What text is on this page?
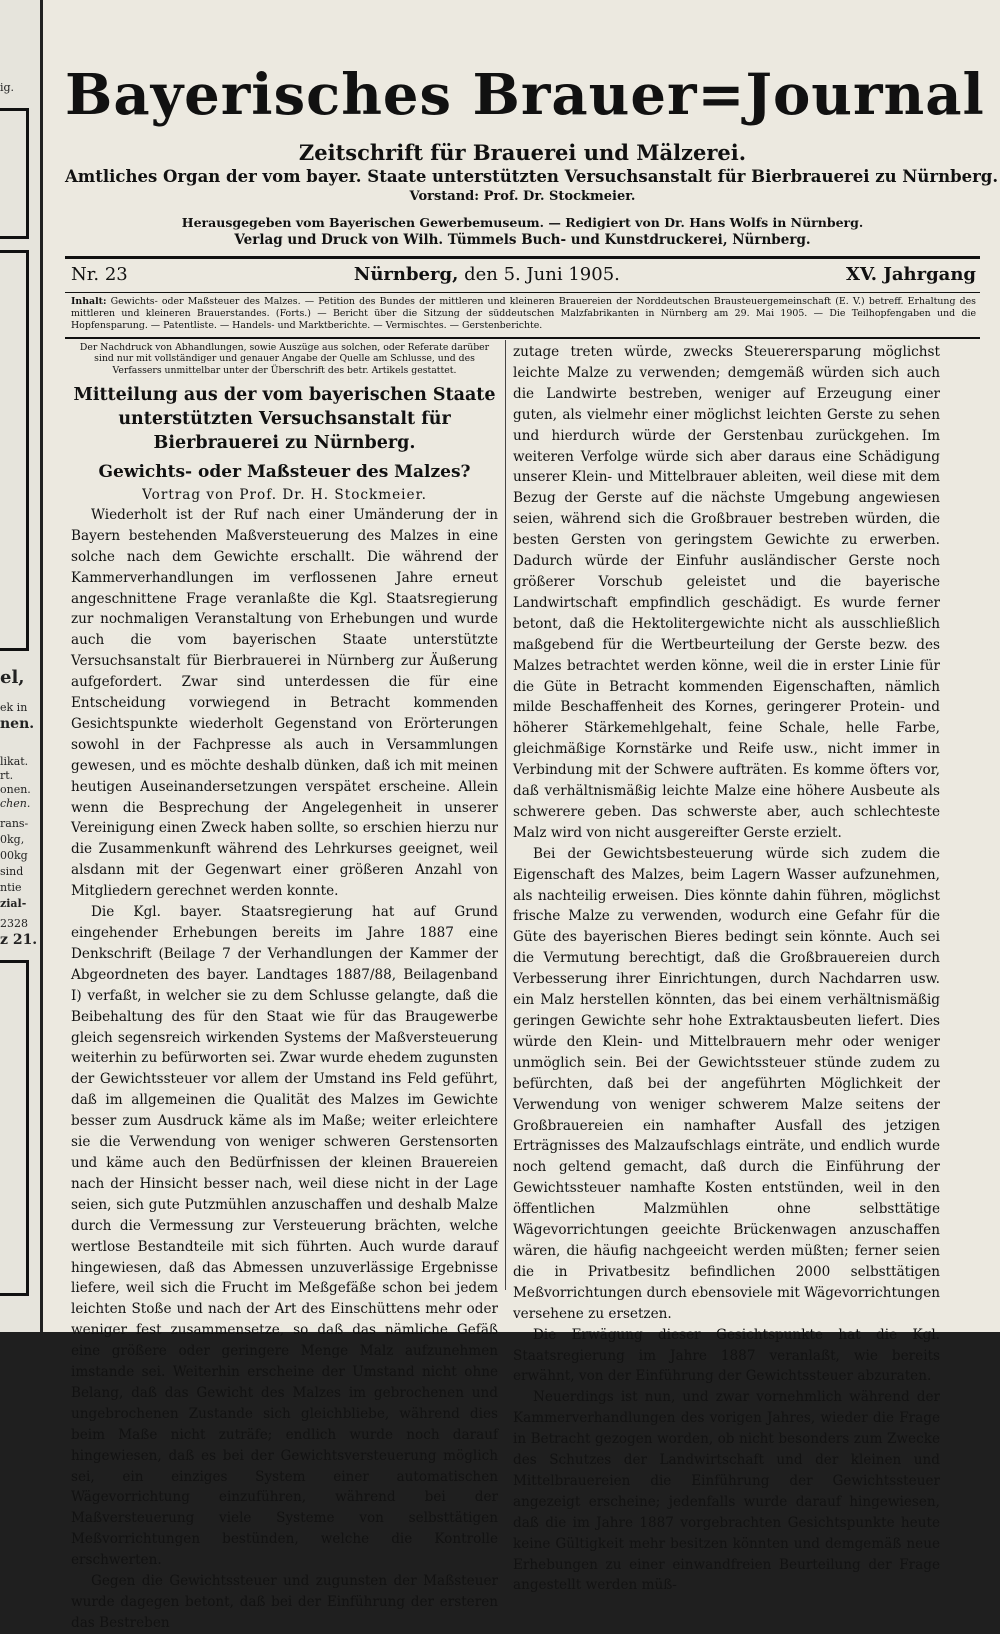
ig.
el,
ek in
nen.
likat.
rt.
onen.
chen.
rans-
0kg,
00kg
sind
ntie
zial-
2328
z 21.
Bayerisches Brauer=Journal
Zeitschrift für Brauerei und Mälzerei.
Amtliches Organ der vom bayer. Staate unterstützten Versuchsanstalt für Bierbrauerei zu Nürnberg.
Vorstand: Prof. Dr. Stockmeier.
Herausgegeben vom Bayerischen Gewerbemuseum. — Redigiert von Dr. Hans Wolfs in Nürnberg.
Verlag und Druck von Wilh. Tümmels Buch- und Kunstdruckerei, Nürnberg.
Nr. 23	Nürnberg, den 5. Juni 1905.	XV. Jahrgang
Inhalt: Gewichts- oder Maßsteuer des Malzes. — Petition des Bundes der mittleren und kleineren Brauereien der Norddeutschen Brausteuergemeinschaft (E. V.) betreff. Erhaltung des mittleren und kleineren Brauerstandes. (Forts.) — Bericht über die Sitzung der süddeutschen Malzfabrikanten in Nürnberg am 29. Mai 1905. — Die Teilhopfengaben und die Hopfensparung. — Patentliste. — Handels- und Marktberichte. — Vermischtes. — Gerstenberichte.
Der Nachdruck von Abhandlungen, sowie Auszüge aus solchen, oder Referate darüber sind nur mit vollständiger und genauer Angabe der Quelle am Schlusse, und des Verfassers unmittelbar unter der Überschrift des betr. Artikels gestattet.
Mitteilung aus der vom bayerischen Staate unterstützten Versuchsanstalt für Bierbrauerei zu Nürnberg.
Gewichts- oder Maßsteuer des Malzes?
Vortrag von Prof. Dr. H. Stockmeier.

Wiederholt ist der Ruf nach einer Umänderung der in Bayern bestehenden Maßversteuerung des Malzes in eine solche nach dem Gewichte erschallt. Die während der Kammerverhandlungen im verflossenen Jahre erneut angeschnittene Frage veranlaßte die Kgl. Staatsregierung zur nochmaligen Veranstaltung von Erhebungen und wurde auch die vom bayerischen Staate unterstützte Versuchsanstalt für Bierbrauerei in Nürnberg zur Äußerung aufgefordert. Zwar sind unterdessen die für eine Entscheidung vorwiegend in Betracht kommenden Gesichtspunkte wiederholt Gegenstand von Erörterungen sowohl in der Fachpresse als auch in Versammlungen gewesen, und es möchte deshalb dünken, daß ich mit meinen heutigen Auseinandersetzungen verspätet erscheine. Allein wenn die Besprechung der Angelegenheit in unserer Vereinigung einen Zweck haben sollte, so erschien hierzu nur die Zusammenkunft während des Lehrkurses geeignet, weil alsdann mit der Gegenwart einer größeren Anzahl von Mitgliedern gerechnet werden konnte.

Die Kgl. bayer. Staatsregierung hat auf Grund eingehender Erhebungen bereits im Jahre 1887 eine Denkschrift (Beilage 7 der Verhandlungen der Kammer der Abgeordneten des bayer. Landtages 1887/88, Beilagenband I) verfaßt, in welcher sie zu dem Schlusse gelangte, daß die Beibehaltung des für den Staat wie für das Braugewerbe gleich segensreich wirkenden Systems der Maßversteuerung weiterhin zu befürworten sei. Zwar wurde ehedem zugunsten der Gewichtssteuer vor allem der Umstand ins Feld geführt, daß im allgemeinen die Qualität des Malzes im Gewichte besser zum Ausdruck käme als im Maße; weiter erleichtere sie die Verwendung von weniger schweren Gerstensorten und käme auch den Bedürfnissen der kleinen Brauereien nach der Hinsicht besser nach, weil diese nicht in der Lage seien, sich gute Putzmühlen anzuschaffen und deshalb Malze durch die Vermessung zur Versteuerung brächten, welche wertlose Bestandteile mit sich führten. Auch wurde darauf hingewiesen, daß das Abmessen unzuverlässige Ergebnisse liefere, weil sich die Frucht im Meßgefäße schon bei jedem leichten Stoße und nach der Art des Einschüttens mehr oder weniger fest zusammensetze, so daß das nämliche Gefäß eine größere oder geringere Menge Malz aufzunehmen imstande sei. Weiterhin erscheine der Umstand nicht ohne Belang, daß das Gewicht des Malzes im gebrochenen und ungebrochenen Zustande sich gleichbliebe, während dies beim Maße nicht zuträfe; endlich wurde noch darauf hingewiesen, daß es bei der Gewichtsversteuerung möglich sei, ein einziges System einer automatischen Wägevorrichtung einzuführen, während bei der Maßversteuerung viele Systeme von selbsttätigen Meßvorrichtungen bestünden, welche die Kontrolle erschwerten.

Gegen die Gewichtssteuer und zugunsten der Maßsteuer wurde dagegen betont, daß bei der Einführung der ersteren das Bestreben

zutage treten würde, zwecks Steuerersparung möglichst leichte Malze zu verwenden; demgemäß würden sich auch die Landwirte bestreben, weniger auf Erzeugung einer guten, als vielmehr einer möglichst leichten Gerste zu sehen und hierdurch würde der Gerstenbau zurückgehen. Im weiteren Verfolge würde sich aber daraus eine Schädigung unserer Klein- und Mittelbrauer ableiten, weil diese mit dem Bezug der Gerste auf die nächste Umgebung angewiesen seien, während sich die Großbrauer bestreben würden, die besten Gersten von geringstem Gewichte zu erwerben. Dadurch würde der Einfuhr ausländischer Gerste noch größerer Vorschub geleistet und die bayerische Landwirtschaft empfindlich geschädigt. Es wurde ferner betont, daß die Hektolitergewichte nicht als ausschließlich maßgebend für die Wertbeurteilung der Gerste bezw. des Malzes betrachtet werden könne, weil die in erster Linie für die Güte in Betracht kommenden Eigenschaften, nämlich milde Beschaffenheit des Kornes, geringerer Protein- und höherer Stärkemehlgehalt, feine Schale, helle Farbe, gleichmäßige Kornstärke und Reife usw., nicht immer in Verbindung mit der Schwere aufträten. Es komme öfters vor, daß verhältnismäßig leichte Malze eine höhere Ausbeute als schwerere geben. Das schwerste aber, auch schlechteste Malz wird von nicht ausgereifter Gerste erzielt.

Bei der Gewichtsbesteuerung würde sich zudem die Eigenschaft des Malzes, beim Lagern Wasser aufzunehmen, als nachteilig erweisen. Dies könnte dahin führen, möglichst frische Malze zu verwenden, wodurch eine Gefahr für die Güte des bayerischen Bieres bedingt sein könnte. Auch sei die Vermutung berechtigt, daß die Großbrauereien durch Verbesserung ihrer Einrichtungen, durch Nachdarren usw. ein Malz herstellen könnten, das bei einem verhältnismäßig geringen Gewichte sehr hohe Extraktausbeuten liefert. Dies würde den Klein- und Mittelbrauern mehr oder weniger unmöglich sein. Bei der Gewichtssteuer stünde zudem zu befürchten, daß bei der angeführten Möglichkeit der Verwendung von weniger schwerem Malze seitens der Großbrauereien ein namhafter Ausfall des jetzigen Erträgnisses des Malzaufschlags einträte, und endlich wurde noch geltend gemacht, daß durch die Einführung der Gewichtssteuer namhafte Kosten entstünden, weil in den öffentlichen Malzmühlen ohne selbsttätige Wägevorrichtungen geeichte Brückenwagen anzuschaffen wären, die häufig nachgeeicht werden müßten; ferner seien die in Privatbesitz befindlichen 2000 selbsttätigen Meßvorrichtungen durch ebensoviele mit Wägevorrichtungen versehene zu ersetzen.

Die Erwägung dieser Gesichtspunkte hat die Kgl. Staatsregierung im Jahre 1887 veranlaßt, wie bereits erwähnt, von der Einführung der Gewichtssteuer abzuraten.

Neuerdings ist nun, und zwar vornehmlich während der Kammerverhandlungen des vorigen Jahres, wieder die Frage in Betracht gezogen worden, ob nicht besonders zum Zwecke des Schutzes der Landwirtschaft und der kleinen und Mittelbrauereien die Einführung der Gewichtssteuer angezeigt erscheine; jedenfalls wurde darauf hingewiesen, daß die im Jahre 1887 vorgebrachten Gesichtspunkte heute keine Gültigkeit mehr besitzen könnten und demgemäß neue Erhebungen zu einer einwandfreien Beurteilung der Frage angestellt werden müß-
